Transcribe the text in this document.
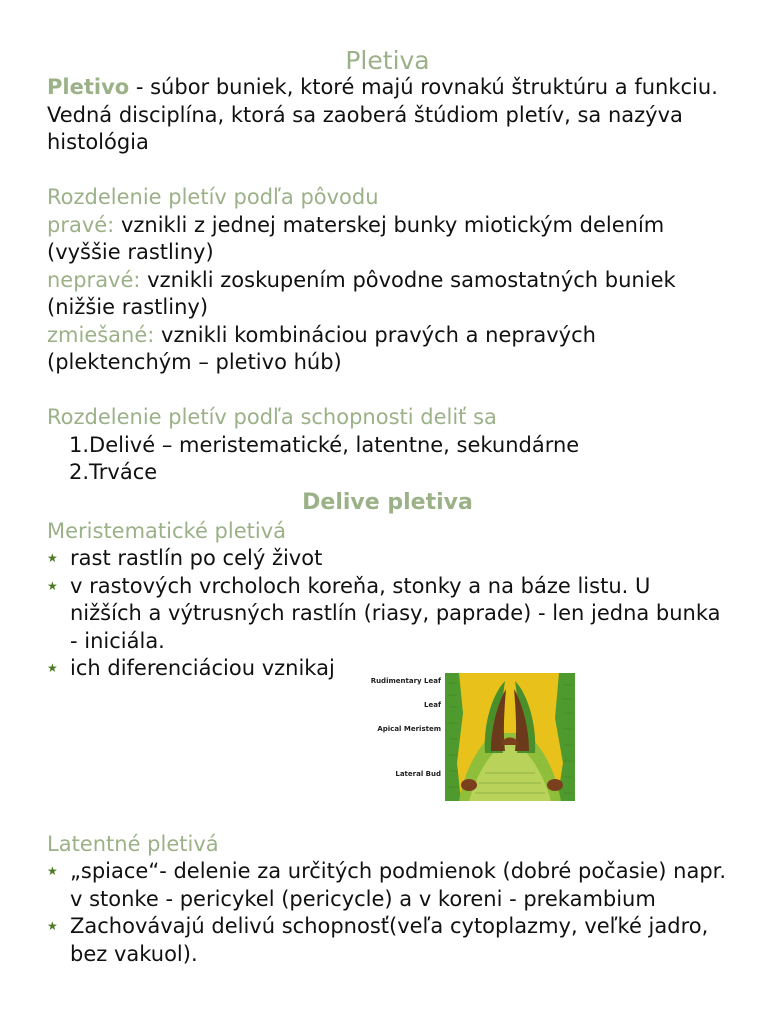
Pletiva

Pletivo - súbor buniek, ktoré majú rovnakú štruktúru a funkciu. Vedná disciplína, ktorá sa zaoberá štúdiom pletív, sa nazýva histológia

Rozdelenie pletív podľa pôvodu

pravé: vznikli z jednej materskej bunky miotickým delením (vyššie rastliny)

nepravé: vznikli zoskupením pôvodne samostatných buniek (nižšie rastliny)

zmiešané: vznikli kombináciou pravých a nepravých (plektenchým – pletivo húb)

Rozdelenie pletív podľa schopnosti deliť sa

1.Delivé – meristematické, latentne, sekundárne
2.Trváce
Delive pletiva

Meristematické pletivá

★ rast rastlín po celý život
★ v rastových vrcholoch koreňa, stonky a na báze listu. U nižších a výtrusných rastlín (riasy, paprade) - len jedna bunka - iniciála.
★ ich diferenciáciou vznikaj
Rudimentary Leaf
Leaf
Apical Meristem
Lateral Bud

Latentné pletivá

★ „spiace“- delenie za určitých podmienok (dobré počasie) napr. v stonke - pericykel (pericycle) a v koreni - prekambium
★ Zachovávajú delivú schopnosť(veľa cytoplazmy, veľké jadro, bez vakuol).
